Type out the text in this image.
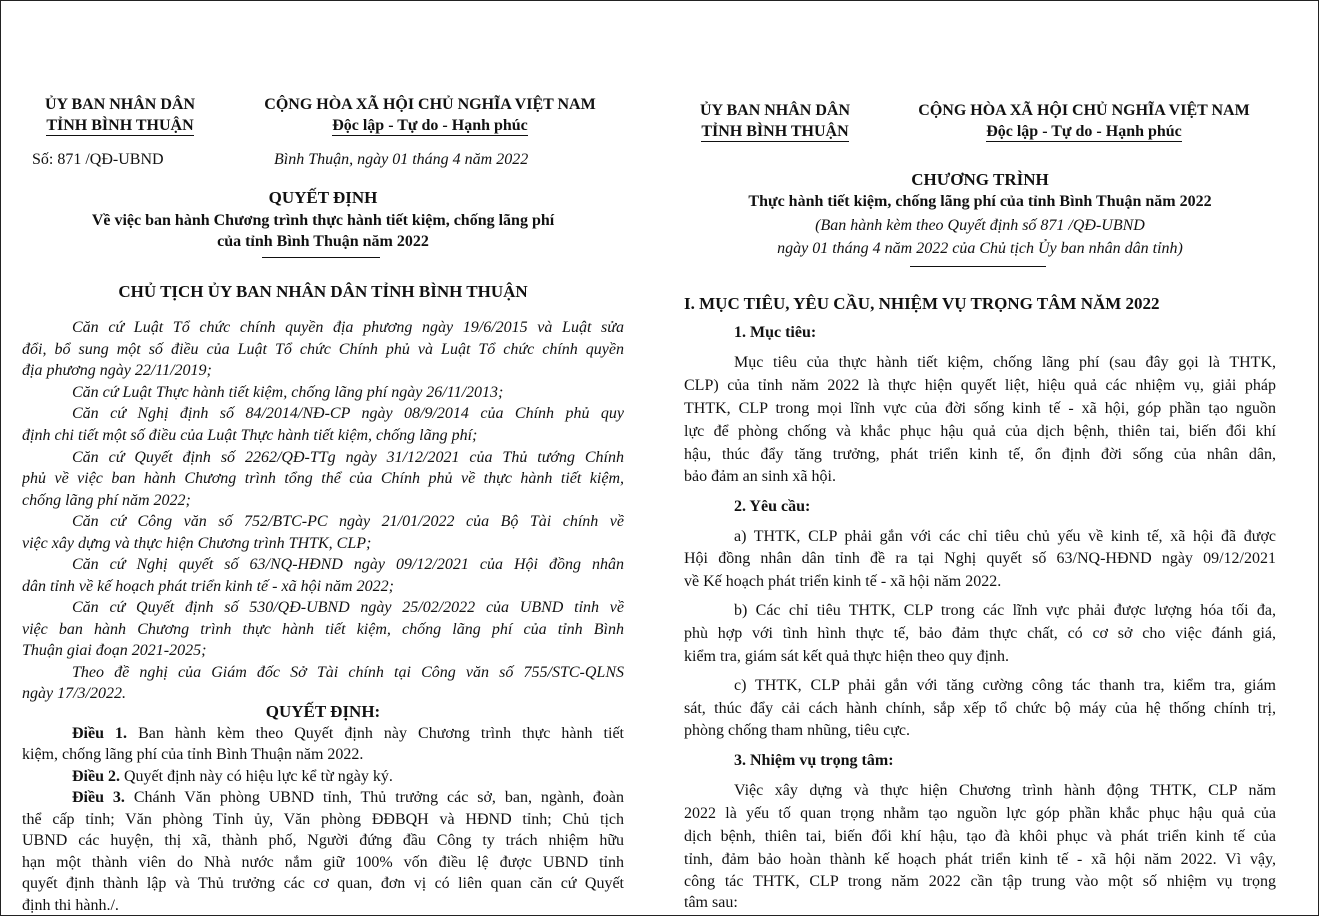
ỦY BAN NHÂN DÂN
TỈNH BÌNH THUẬN
CỘNG HÒA XÃ HỘI CHỦ NGHĨA VIỆT NAM
Độc lập - Tự do - Hạnh phúc
Số: 871 /QĐ-UBND	Bình Thuận, ngày 01 tháng 4 năm 2022
QUYẾT ĐỊNH
Về việc ban hành Chương trình thực hành tiết kiệm, chống lãng phí
của tỉnh Bình Thuận năm 2022
CHỦ TỊCH ỦY BAN NHÂN DÂN TỈNH BÌNH THUẬN
Căn cứ Luật Tổ chức chính quyền địa phương ngày 19/6/2015 và Luật sửa
đổi, bổ sung một số điều của Luật Tổ chức Chính phủ và Luật Tổ chức chính quyền
địa phương ngày 22/11/2019;
Căn cứ Luật Thực hành tiết kiệm, chống lãng phí ngày 26/11/2013;
Căn cứ Nghị định số 84/2014/NĐ-CP ngày 08/9/2014 của Chính phủ quy
định chi tiết một số điều của Luật Thực hành tiết kiệm, chống lãng phí;
Căn cứ Quyết định số 2262/QĐ-TTg ngày 31/12/2021 của Thủ tướng Chính
phủ về việc ban hành Chương trình tổng thể của Chính phủ về thực hành tiết kiệm,
chống lãng phí năm 2022;
Căn cứ Công văn số 752/BTC-PC ngày 21/01/2022 của Bộ Tài chính về
việc xây dựng và thực hiện Chương trình THTK, CLP;
Căn cứ Nghị quyết số 63/NQ-HĐND ngày 09/12/2021 của Hội đồng nhân
dân tỉnh về kế hoạch phát triển kinh tế - xã hội năm 2022;
Căn cứ Quyết định số 530/QĐ-UBND ngày 25/02/2022 của UBND tỉnh về
việc ban hành Chương trình thực hành tiết kiệm, chống lãng phí của tỉnh Bình
Thuận giai đoạn 2021-2025;
Theo đề nghị của Giám đốc Sở Tài chính tại Công văn số 755/STC-QLNS
ngày 17/3/2022.
QUYẾT ĐỊNH:
Điều 1. Ban hành kèm theo Quyết định này Chương trình thực hành tiết
kiệm, chống lãng phí của tỉnh Bình Thuận năm 2022.
Điều 2. Quyết định này có hiệu lực kể từ ngày ký.
Điều 3. Chánh Văn phòng UBND tỉnh, Thủ trưởng các sở, ban, ngành, đoàn
thể cấp tỉnh; Văn phòng Tỉnh ủy, Văn phòng ĐĐBQH và HĐND tỉnh; Chủ tịch
UBND các huyện, thị xã, thành phố, Người đứng đầu Công ty trách nhiệm hữu
hạn một thành viên do Nhà nước nắm giữ 100% vốn điều lệ được UBND tỉnh
quyết định thành lập và Thủ trưởng các cơ quan, đơn vị có liên quan căn cứ Quyết
định thi hành./.
ỦY BAN NHÂN DÂN
TỈNH BÌNH THUẬN
CỘNG HÒA XÃ HỘI CHỦ NGHĨA VIỆT NAM
Độc lập - Tự do - Hạnh phúc
CHƯƠNG TRÌNH
Thực hành tiết kiệm, chống lãng phí của tỉnh Bình Thuận năm 2022
(Ban hành kèm theo Quyết định số 871 /QĐ-UBND
ngày 01 tháng 4 năm 2022 của Chủ tịch Ủy ban nhân dân tỉnh)
I. MỤC TIÊU, YÊU CẦU, NHIỆM VỤ TRỌNG TÂM NĂM 2022
1. Mục tiêu:
Mục tiêu của thực hành tiết kiệm, chống lãng phí (sau đây gọi là THTK,
CLP) của tỉnh năm 2022 là thực hiện quyết liệt, hiệu quả các nhiệm vụ, giải pháp
THTK, CLP trong mọi lĩnh vực của đời sống kinh tế - xã hội, góp phần tạo nguồn
lực để phòng chống và khắc phục hậu quả của dịch bệnh, thiên tai, biến đổi khí
hậu, thúc đẩy tăng trưởng, phát triển kinh tế, ổn định đời sống của nhân dân,
bảo đảm an sinh xã hội.
2. Yêu cầu:
a) THTK, CLP phải gắn với các chỉ tiêu chủ yếu về kinh tế, xã hội đã được
Hội đồng nhân dân tỉnh đề ra tại Nghị quyết số 63/NQ-HĐND ngày 09/12/2021
về Kế hoạch phát triển kinh tế - xã hội năm 2022.
b) Các chỉ tiêu THTK, CLP trong các lĩnh vực phải được lượng hóa tối đa,
phù hợp với tình hình thực tế, bảo đảm thực chất, có cơ sở cho việc đánh giá,
kiểm tra, giám sát kết quả thực hiện theo quy định.
c) THTK, CLP phải gắn với tăng cường công tác thanh tra, kiểm tra, giám
sát, thúc đẩy cải cách hành chính, sắp xếp tổ chức bộ máy của hệ thống chính trị,
phòng chống tham nhũng, tiêu cực.
3. Nhiệm vụ trọng tâm:
Việc xây dựng và thực hiện Chương trình hành động THTK, CLP năm
2022 là yếu tố quan trọng nhằm tạo nguồn lực góp phần khắc phục hậu quả của
dịch bệnh, thiên tai, biến đổi khí hậu, tạo đà khôi phục và phát triển kinh tế của
tỉnh, đảm bảo hoàn thành kế hoạch phát triển kinh tế - xã hội năm 2022. Vì vậy,
công tác THTK, CLP trong năm 2022 cần tập trung vào một số nhiệm vụ trọng
tâm sau:
